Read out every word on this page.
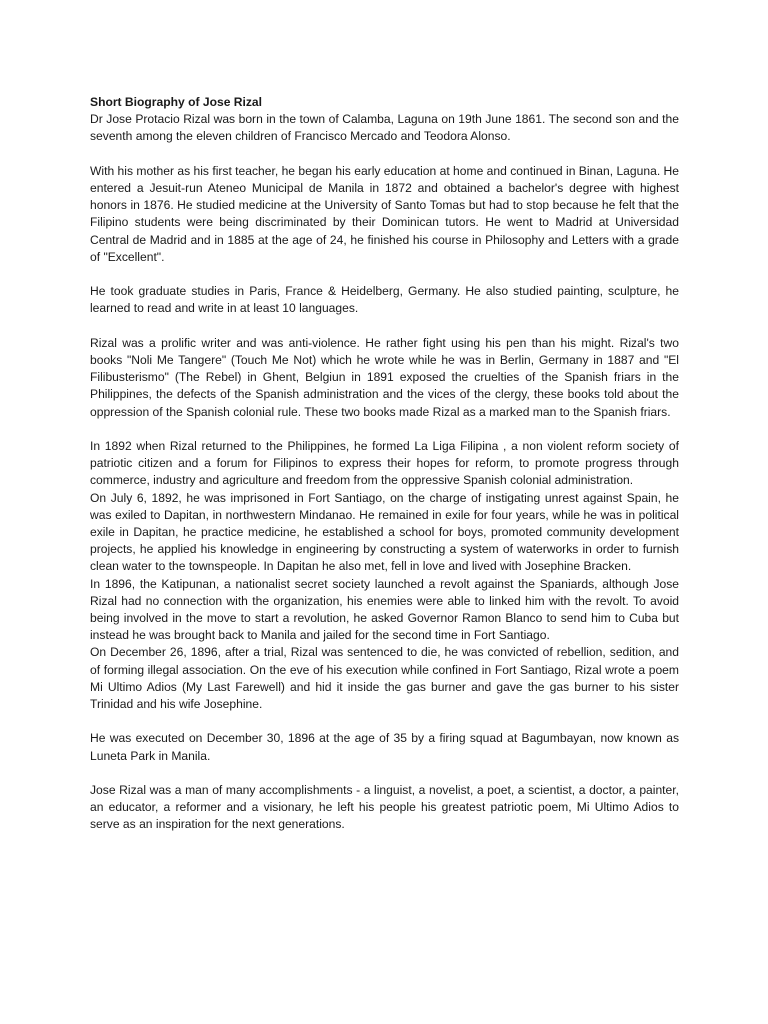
Short Biography of Jose Rizal

Dr Jose Protacio Rizal was born in the town of Calamba, Laguna on 19th June 1861. The second son and the seventh among the eleven children of Francisco Mercado and Teodora Alonso.

With his mother as his first teacher, he began his early education at home and continued in Binan, Laguna. He entered a Jesuit-run Ateneo Municipal de Manila in 1872 and obtained a bachelor's degree with highest honors in 1876. He studied medicine at the University of Santo Tomas but had to stop because he felt that the Filipino students were being discriminated by their Dominican tutors. He went to Madrid at Universidad Central de Madrid and in 1885 at the age of 24, he finished his course in Philosophy and Letters with a grade of "Excellent".

He took graduate studies in Paris, France & Heidelberg, Germany. He also studied painting, sculpture, he learned to read and write in at least 10 languages.

Rizal was a prolific writer and was anti-violence. He rather fight using his pen than his might. Rizal's two books "Noli Me Tangere" (Touch Me Not) which he wrote while he was in Berlin, Germany in 1887 and "El Filibusterismo" (The Rebel) in Ghent, Belgiun in 1891 exposed the cruelties of the Spanish friars in the Philippines, the defects of the Spanish administration and the vices of the clergy, these books told about the oppression of the Spanish colonial rule. These two books made Rizal as a marked man to the Spanish friars.

In 1892 when Rizal returned to the Philippines, he formed La Liga Filipina , a non violent reform society of patriotic citizen and a forum for Filipinos to express their hopes for reform, to promote progress through commerce, industry and agriculture and freedom from the oppressive Spanish colonial administration.

On July 6, 1892, he was imprisoned in Fort Santiago, on the charge of instigating unrest against Spain, he was exiled to Dapitan, in northwestern Mindanao. He remained in exile for four years, while he was in political exile in Dapitan, he practice medicine, he established a school for boys, promoted community development projects, he applied his knowledge in engineering by constructing a system of waterworks in order to furnish clean water to the townspeople. In Dapitan he also met, fell in love and lived with Josephine Bracken.

In 1896, the Katipunan, a nationalist secret society launched a revolt against the Spaniards, although Jose Rizal had no connection with the organization, his enemies were able to linked him with the revolt. To avoid being involved in the move to start a revolution, he asked Governor Ramon Blanco to send him to Cuba but instead he was brought back to Manila and jailed for the second time in Fort Santiago.

On December 26, 1896, after a trial, Rizal was sentenced to die, he was convicted of rebellion, sedition, and of forming illegal association. On the eve of his execution while confined in Fort Santiago, Rizal wrote a poem Mi Ultimo Adios (My Last Farewell) and hid it inside the gas burner and gave the gas burner to his sister Trinidad and his wife Josephine.

He was executed on December 30, 1896 at the age of 35 by a firing squad at Bagumbayan, now known as Luneta Park in Manila.

Jose Rizal was a man of many accomplishments - a linguist, a novelist, a poet, a scientist, a doctor, a painter, an educator, a reformer and a visionary, he left his people his greatest patriotic poem, Mi Ultimo Adios to serve as an inspiration for the next generations.
